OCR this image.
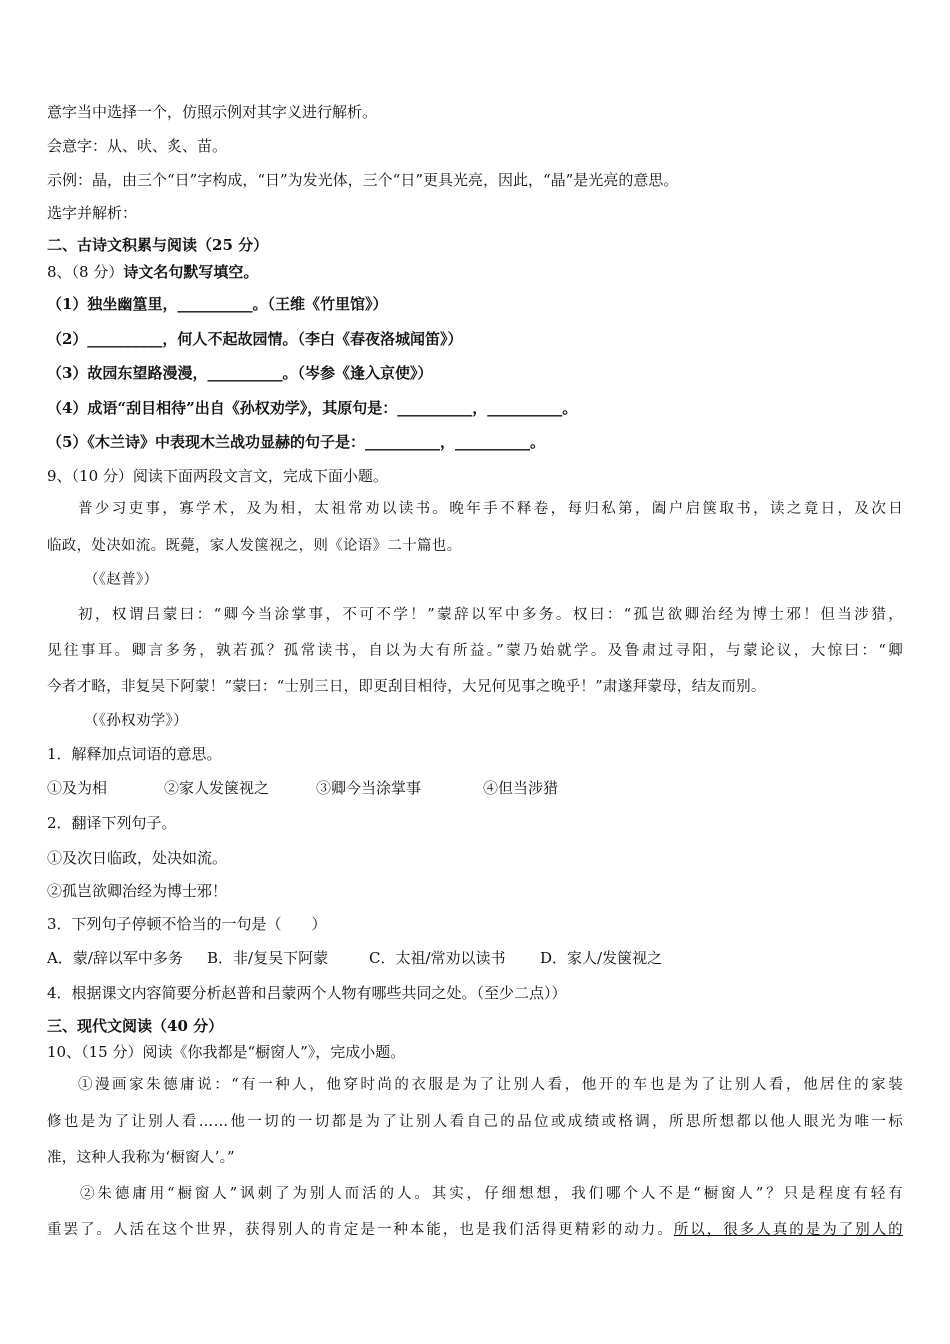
意字当中选择一个，仿照示例对其字义进行解析。
会意字：从、吠、炙、苗。
示例：晶，由三个“日”字构成，“日”为发光体，三个“日”更具光亮，因此，“晶”是光亮的意思。
选字并解析：
二、古诗文积累与阅读（25 分）
8、（8 分）诗文名句默写填空。
（1）独坐幽篁里，__________。（王维《竹里馆》）
（2）__________，何人不起故园情。（李白《春夜洛城闻笛》）
（3）故园东望路漫漫，__________。（岑参《逢入京使》）
（4）成语“刮目相待”出自《孙权劝学》，其原句是：__________，__________。
（5）《木兰诗》中表现木兰战功显赫的句子是：__________，__________。
9、（10 分）阅读下面两段文言文，完成下面小题。
普少习吏事，寡学术，及为相，太祖常劝以读书。晚年手不释卷，每归私第，阖户启箧取书，读之竟日，及次日
临政，处决如流。既薨，家人发箧视之，则《论语》二十篇也。
（《赵普》）
初，权谓吕蒙曰：“卿今当涂掌事，不可不学！”蒙辞以军中多务。权曰：“孤岂欲卿治经为博士邪！但当涉猎，
见往事耳。卿言多务，孰若孤？孤常读书，自以为大有所益。”蒙乃始就学。及鲁肃过寻阳，与蒙论议，大惊曰：“卿
今者才略，非复吴下阿蒙！”蒙曰：“士别三日，即更刮目相待，大兄何见事之晚乎！”肃遂拜蒙母，结友而别。
（《孙权劝学》）
1．解释加点词语的意思。
①及为相	②家人发箧视之	③卿今当涂掌事	④但当涉猎
2．翻译下列句子。
①及次日临政，处决如流。
②孤岂欲卿治经为博士邪！
3．下列句子停顿不恰当的一句是（　　）
A．蒙/辞以军中多务 B．非/复吴下阿蒙	C．太祖/常劝以读书 D．家人/发箧视之
4．根据课文内容简要分析赵普和吕蒙两个人物有哪些共同之处。（至少二点））
三、现代文阅读（40 分）
10、（15 分）阅读《你我都是“橱窗人”》，完成小题。
①漫画家朱德庸说：“有一种人，他穿时尚的衣服是为了让别人看，他开的车也是为了让别人看，他居住的家装
修也是为了让别人看……他一切的一切都是为了让别人看自己的品位或成绩或格调，所思所想都以他人眼光为唯一标
准，这种人我称为‘橱窗人’。”
②朱德庸用“橱窗人”讽刺了为别人而活的人。其实，仔细想想，我们哪个人不是“橱窗人”？只是程度有轻有
重罢了。人活在这个世界，获得别人的肯定是一种本能，也是我们活得更精彩的动力。所以，很多人真的是为了别人的
